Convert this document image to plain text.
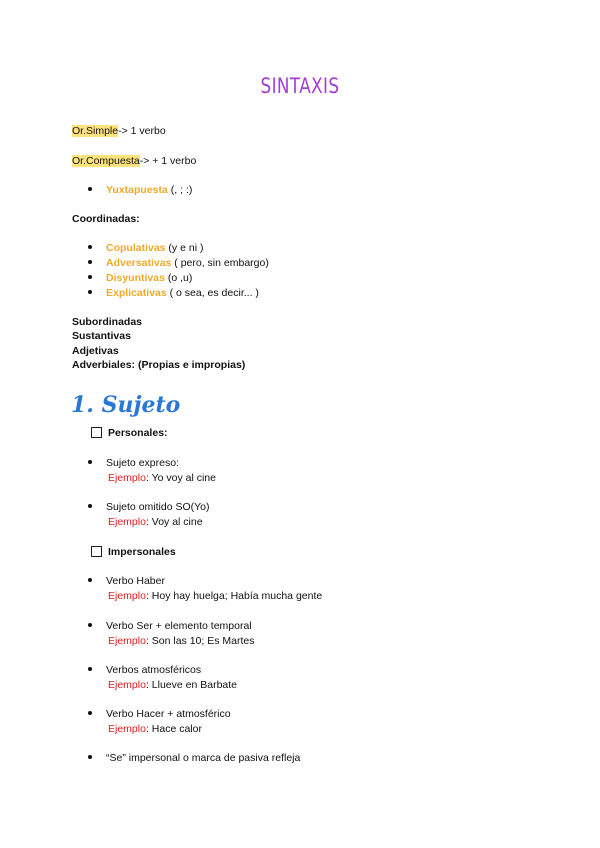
SINTAXIS
Or.Simple-> 1 verbo
Or.Compuesta-> + 1 verbo
Yuxtapuesta (, ; :)
Coordinadas:
Copulativas (y e ni )
Adversativas ( pero, sin embargo)
Disyuntivas (o ,u)
Explicativas ( o sea, es decir... )
Subordinadas
Sustantivas
Adjetivas
Adverbiales: (Propias e impropias)
1. Sujeto
Personales:
Sujeto expreso:
Ejemplo: Yo voy al cine
Sujeto omitido SO(Yo)
Ejemplo: Voy al cine
Impersonales
Verbo Haber
Ejemplo: Hoy hay huelga; Había mucha gente
Verbo Ser + elemento temporal
Ejemplo: Son las 10; Es Martes
Verbos atmosféricos
Ejemplo: Llueve en Barbate
Verbo Hacer + atmosférico
Ejemplo: Hace calor
“Se” impersonal o marca de pasiva refleja
